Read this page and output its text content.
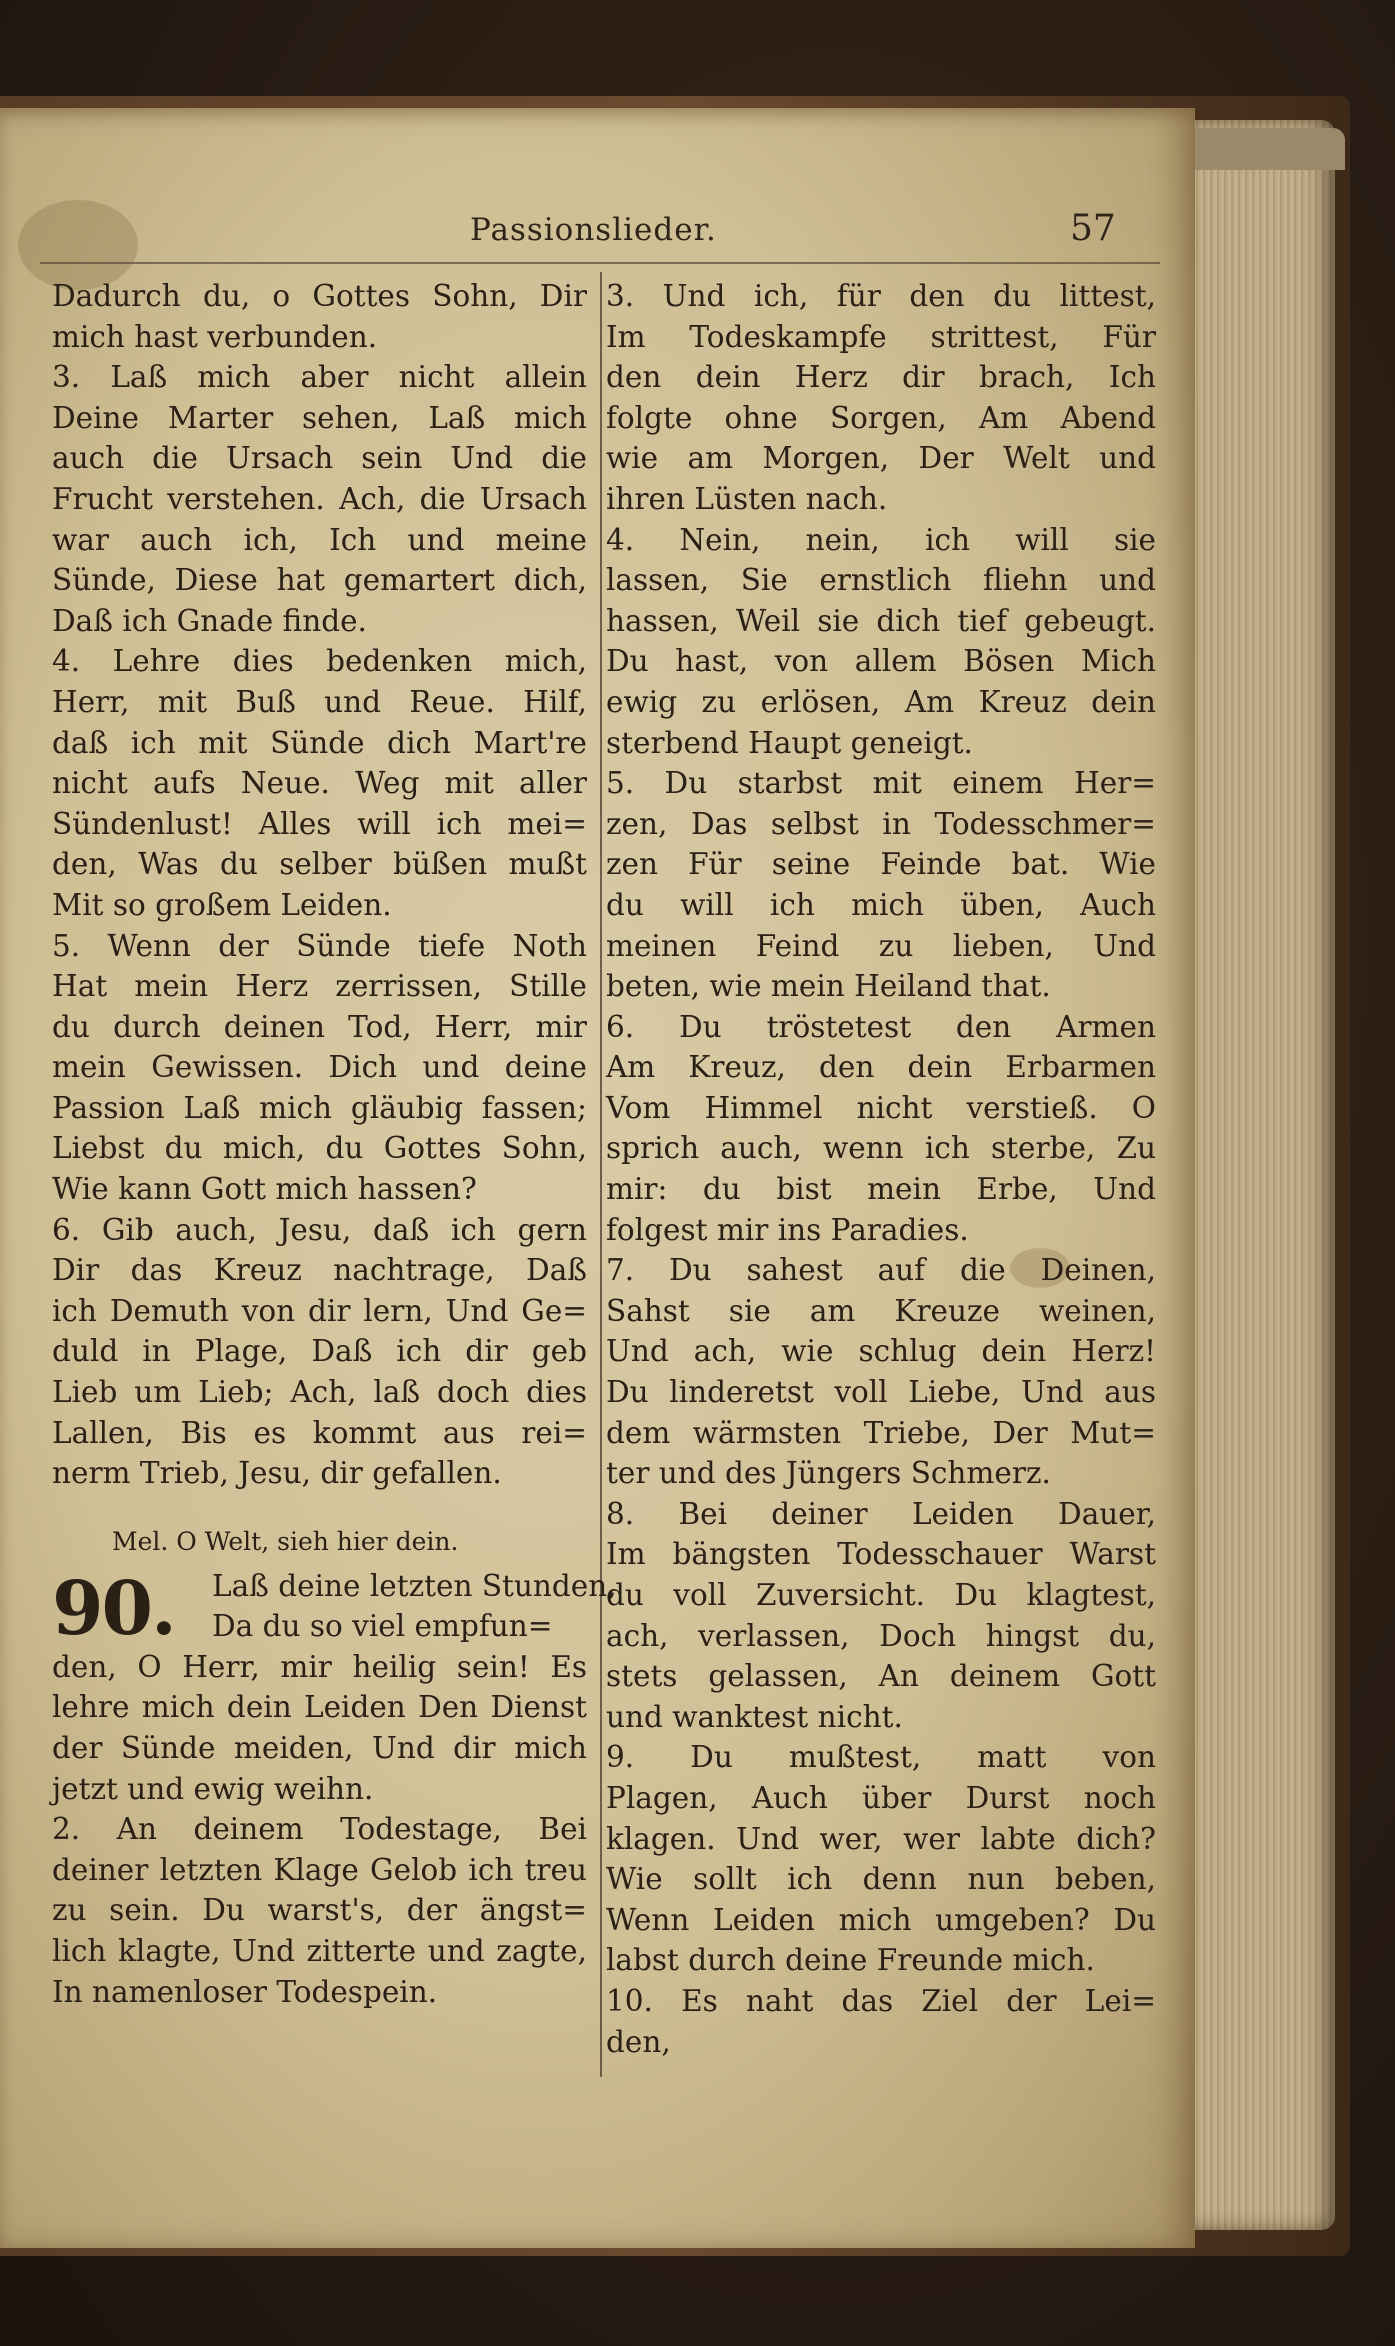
Passionslieder.	57
Dadurch du, o Gottes Sohn, Dir
mich hast verbunden.
3. Laß mich aber nicht allein
Deine Marter sehen, Laß mich
auch die Ursach sein Und die
Frucht verstehen. Ach, die Ursach
war auch ich, Ich und meine
Sünde, Diese hat gemartert dich,
Daß ich Gnade finde.
4. Lehre dies bedenken mich,
Herr, mit Buß und Reue. Hilf,
daß ich mit Sünde dich Mart're
nicht aufs Neue. Weg mit aller
Sündenlust! Alles will ich mei=
den, Was du selber büßen mußt
Mit so großem Leiden.
5. Wenn der Sünde tiefe Noth
Hat mein Herz zerrissen, Stille
du durch deinen Tod, Herr, mir
mein Gewissen. Dich und deine
Passion Laß mich gläubig fassen;
Liebst du mich, du Gottes Sohn,
Wie kann Gott mich hassen?
6. Gib auch, Jesu, daß ich gern
Dir das Kreuz nachtrage, Daß
ich Demuth von dir lern, Und Ge=
duld in Plage, Daß ich dir geb
Lieb um Lieb; Ach, laß doch dies
Lallen, Bis es kommt aus rei=
nerm Trieb, Jesu, dir gefallen.
Mel. O Welt, sieh hier dein.
90. Laß deine letzten Stunden,
Da du so viel empfun=
den, O Herr, mir heilig sein! Es
lehre mich dein Leiden Den Dienst
der Sünde meiden, Und dir mich
jetzt und ewig weihn.
2. An deinem Todestage, Bei
deiner letzten Klage Gelob ich treu
zu sein. Du warst's, der ängst=
lich klagte, Und zitterte und zagte,
In namenloser Todespein.
3. Und ich, für den du littest,
Im Todeskampfe strittest, Für
den dein Herz dir brach, Ich
folgte ohne Sorgen, Am Abend
wie am Morgen, Der Welt und
ihren Lüsten nach.
4. Nein, nein, ich will sie
lassen, Sie ernstlich fliehn und
hassen, Weil sie dich tief gebeugt.
Du hast, von allem Bösen Mich
ewig zu erlösen, Am Kreuz dein
sterbend Haupt geneigt.
5. Du starbst mit einem Her=
zen, Das selbst in Todesschmer=
zen Für seine Feinde bat. Wie
du will ich mich üben, Auch
meinen Feind zu lieben, Und
beten, wie mein Heiland that.
6. Du tröstetest den Armen
Am Kreuz, den dein Erbarmen
Vom Himmel nicht verstieß. O
sprich auch, wenn ich sterbe, Zu
mir: du bist mein Erbe, Und
folgest mir ins Paradies.
7. Du sahest auf die Deinen,
Sahst sie am Kreuze weinen,
Und ach, wie schlug dein Herz!
Du linderetst voll Liebe, Und aus
dem wärmsten Triebe, Der Mut=
ter und des Jüngers Schmerz.
8. Bei deiner Leiden Dauer,
Im bängsten Todesschauer Warst
du voll Zuversicht. Du klagtest,
ach, verlassen, Doch hingst du,
stets gelassen, An deinem Gott
und wanktest nicht.
9. Du mußtest, matt von
Plagen, Auch über Durst noch
klagen. Und wer, wer labte dich?
Wie sollt ich denn nun beben,
Wenn Leiden mich umgeben? Du
labst durch deine Freunde mich.
10. Es naht das Ziel der Lei=
den,
